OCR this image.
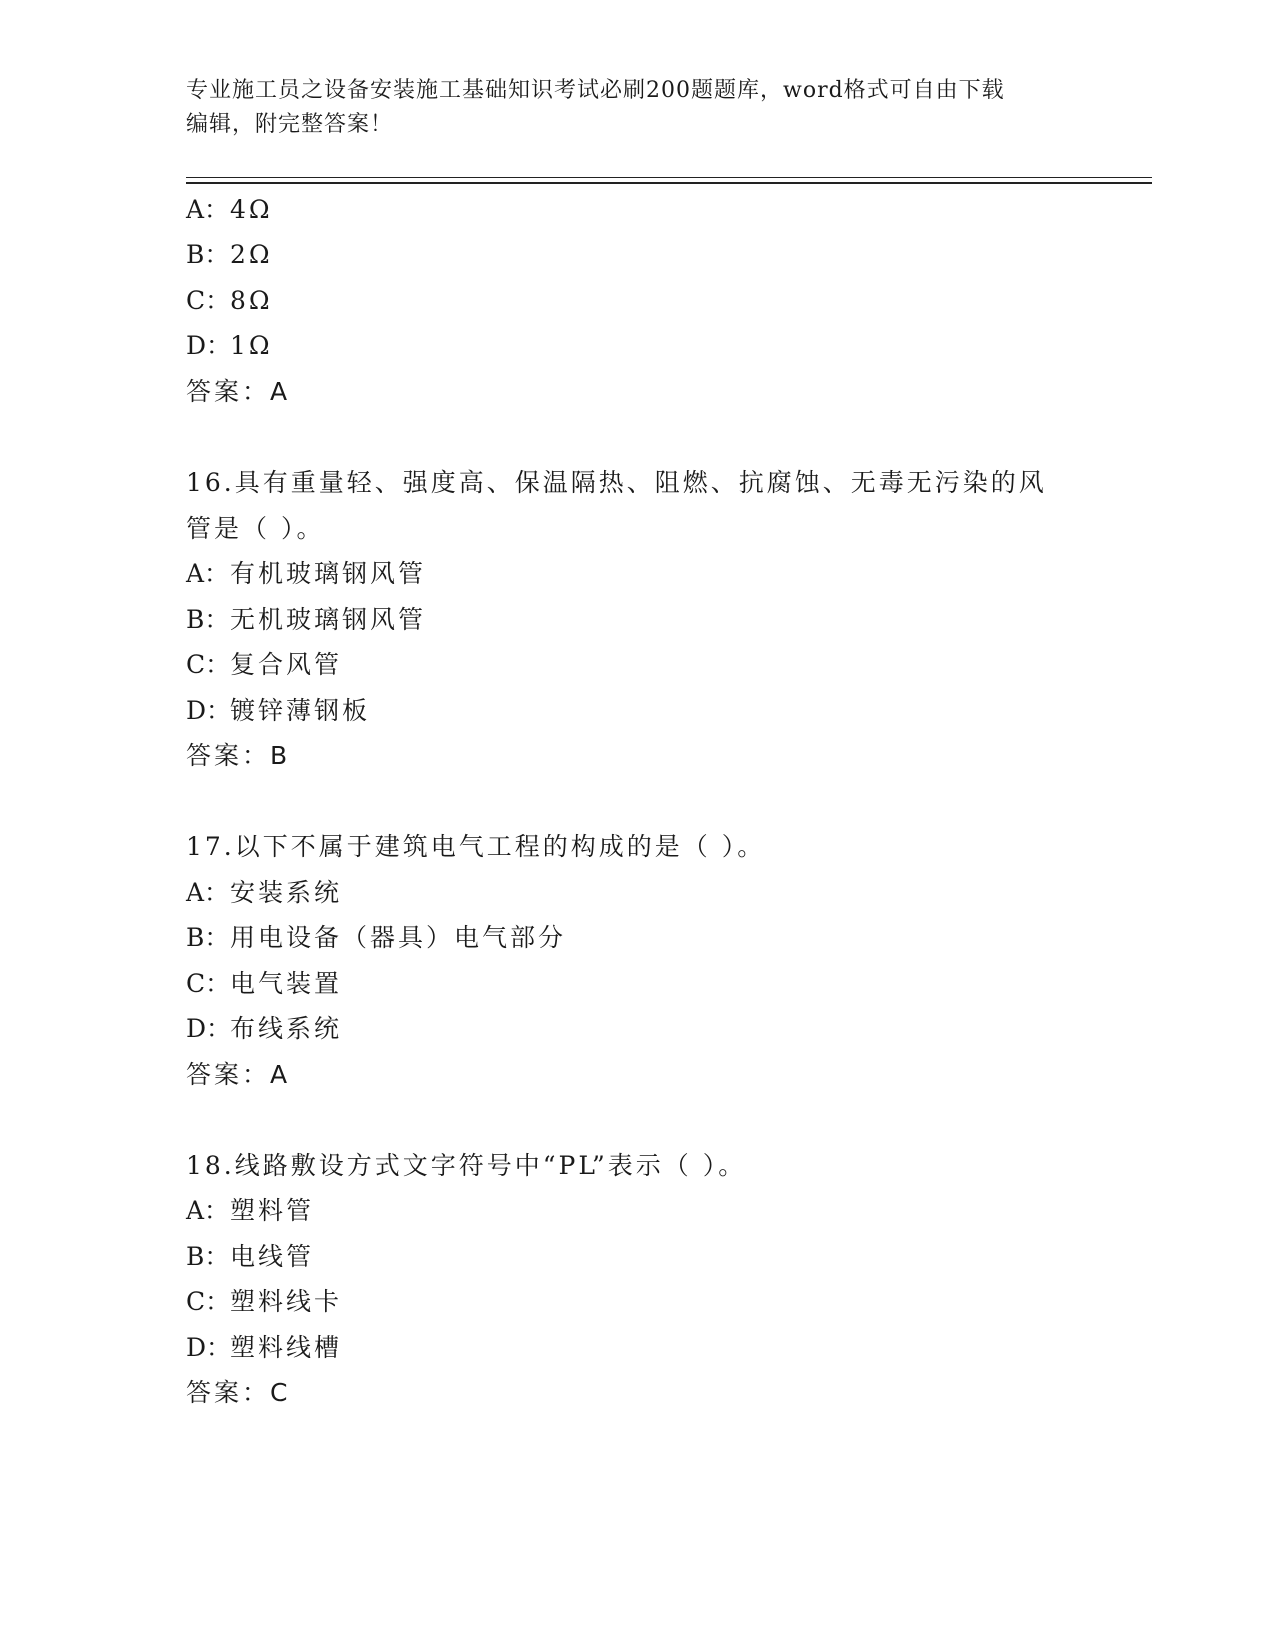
专业施工员之设备安装施工基础知识考试必刷200题题库，word格式可自由下载
编辑，附完整答案！
A：4Ω
B：2Ω
C：8Ω
D：1Ω
答案：A
16.具有重量轻、强度高、保温隔热、阻燃、抗腐蚀、无毒无污染的风
管是（ ）。
A：有机玻璃钢风管
B：无机玻璃钢风管
C：复合风管
D：镀锌薄钢板
答案：B
17.以下不属于建筑电气工程的构成的是（ ）。
A：安装系统
B：用电设备（器具）电气部分
C：电气装置
D：布线系统
答案：A
18.线路敷设方式文字符号中“PL”表示（ ）。
A：塑料管
B：电线管
C：塑料线卡
D：塑料线槽
答案：C
